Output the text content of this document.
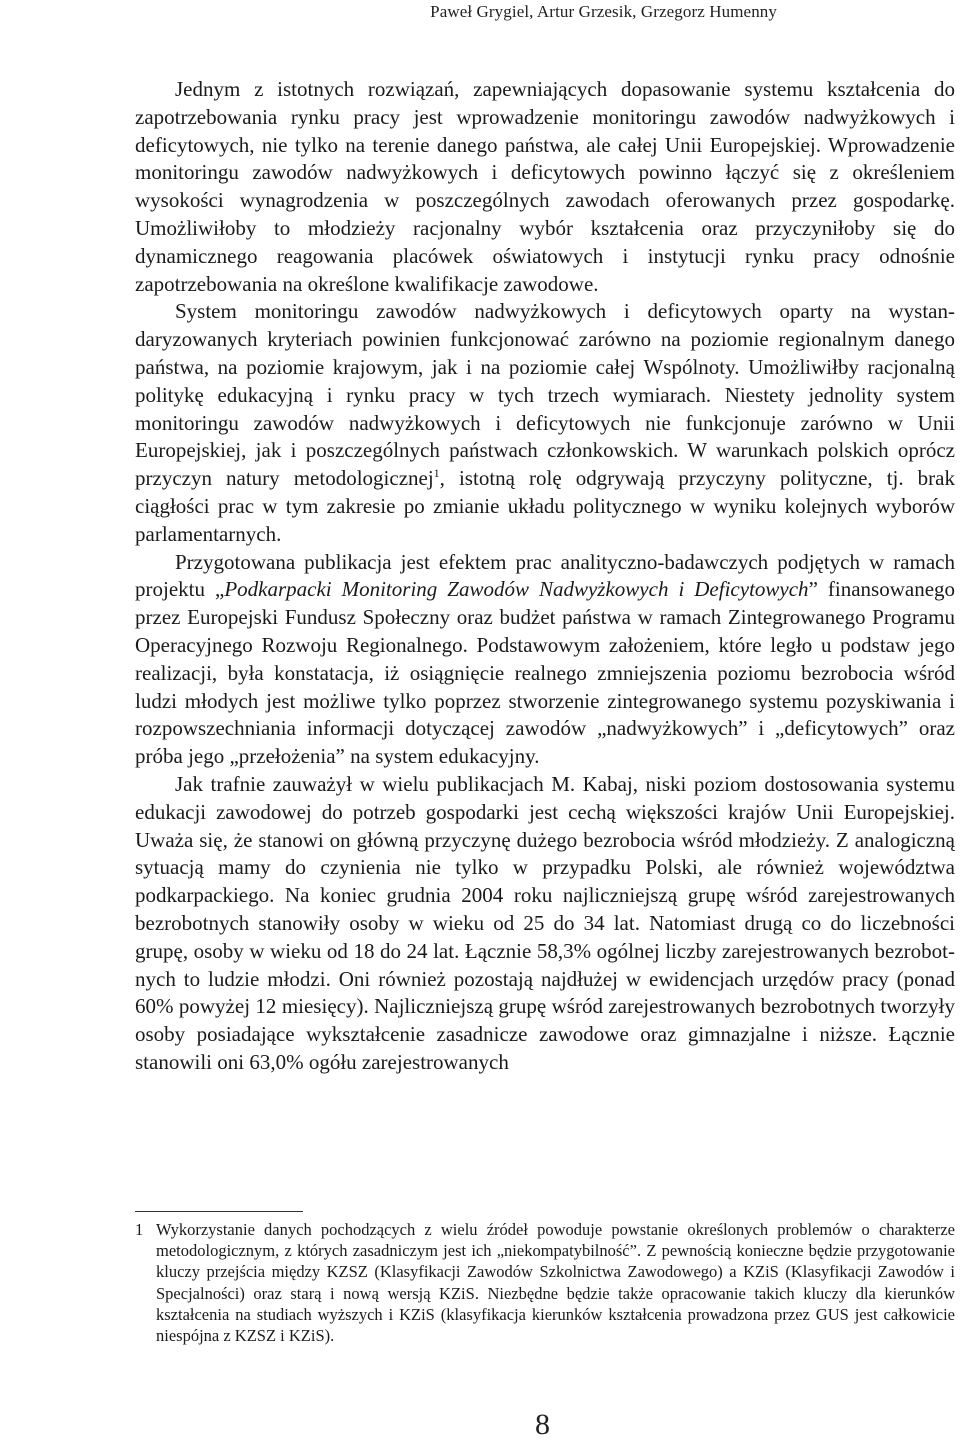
Paweł Grygiel, Artur Grzesik, Grzegorz Humenny

Jednym z istotnych rozwiązań, zapewniających dopasowanie systemu kształcenia do zapotrzebowania rynku pracy jest wprowadzenie monitoringu zawodów nadwyżkowych i deficytowych, nie tylko na terenie danego państwa, ale całej Unii Europejskiej. Wprowadzenie monitoringu zawodów nadwyżkowych i deficytowych powinno łączyć się z określeniem wysokości wynagrodzenia w poszczególnych zawodach oferowanych przez gospodarkę. Umożliwiłoby to młodzieży racjonalny wybór kształcenia oraz przyczyniłoby się do dynamicznego reagowania placówek oświatowych i instytucji rynku pracy odnośnie zapotrzebowania na określone kwalifikacje zawodowe.

System monitoringu zawodów nadwyżkowych i deficytowych oparty na wystandaryzowanych kryteriach powinien funkcjonować zarówno na poziomie regionalnym danego państwa, na poziomie krajowym, jak i na poziomie całej Wspólnoty. Umożliwiłby racjonalną politykę edukacyjną i rynku pracy w tych trzech wymiarach. Niestety jednolity system monitoringu zawodów nadwyżkowych i deficytowych nie funkcjonuje zarówno w Unii Europejskiej, jak i poszczególnych państwach członkowskich. W warunkach polskich oprócz przyczyn natury metodologicznej$^1$, istotną rolę odgrywają przyczyny polityczne, tj. brak ciągłości prac w tym zakresie po zmianie układu politycznego w wyniku kolejnych wyborów parlamentarnych.

Przygotowana publikacja jest efektem prac analityczno-badawczych podjętych w ramach projektu „Podkarpacki Monitoring Zawodów Nadwyżkowych i Deficytowych” finansowanego przez Europejski Fundusz Społeczny oraz budżet państwa w ramach Zintegrowanego Programu Operacyjnego Rozwoju Regionalnego. Podstawowym założeniem, które legło u podstaw jego realizacji, była konstatacja, iż osiągnięcie realnego zmniejszenia poziomu bezrobocia wśród ludzi młodych jest możliwe tylko poprzez stworzenie zintegrowanego systemu pozyskiwania i rozpowszechniania informacji dotyczącej zawodów „nadwyżkowych” i „deficytowych” oraz próba jego „przełożenia” na system edukacyjny.

Jak trafnie zauważył w wielu publikacjach M. Kabaj, niski poziom dostosowania systemu edukacji zawodowej do potrzeb gospodarki jest cechą większości krajów Unii Europejskiej. Uważa się, że stanowi on główną przyczynę dużego bezrobocia wśród młodzieży. Z analogiczną sytuacją mamy do czynienia nie tylko w przypadku Polski, ale również województwa podkarpackiego. Na koniec grudnia 2004 roku najliczniejszą grupę wśród zarejestrowanych bezrobotnych stanowiły osoby w wieku od 25 do 34 lat. Natomiast drugą co do liczebności grupę, osoby w wieku od 18 do 24 lat. Łącznie 58,3% ogólnej liczby zarejestrowanych bezrobotnych to ludzie młodzi. Oni również pozostają najdłużej w ewidencjach urzędów pracy (ponad 60% powyżej 12 miesięcy). Najliczniejszą grupę wśród zarejestrowanych bezrobotnych tworzyły osoby posiadające wykształcenie zasadnicze zawodowe oraz gimnazjalne i niższe. Łącznie stanowili oni 63,0% ogółu zarejestrowanych

1 Wykorzystanie danych pochodzących z wielu źródeł powoduje powstanie określonych problemów o charakterze metodologicznym, z których zasadniczym jest ich „niekompatybilność”. Z pewnością konieczne będzie przygotowanie kluczy przejścia między KZSZ (Klasyfikacji Zawodów Szkolnictwa Zawodowego) a KZiS (Klasyfikacji Zawodów i Specjalności) oraz starą i nową wersją KZiS. Niezbędne będzie także opracowanie takich kluczy dla kierunków kształcenia na studiach wyższych i KZiS (klasyfikacja kierunków kształcenia prowadzona przez GUS jest całkowicie niespójna z KZSZ i KZiS).
8
